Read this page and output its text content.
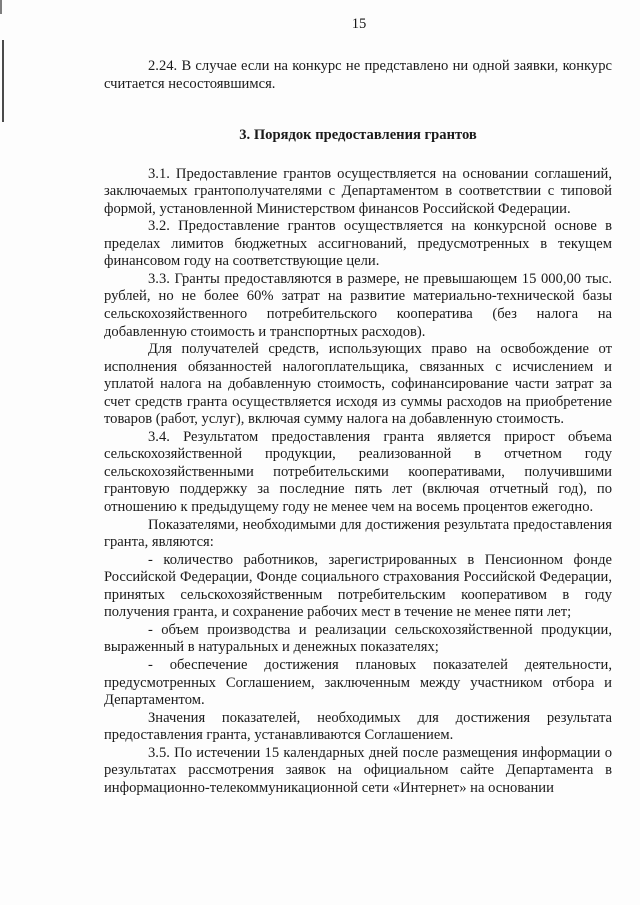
15

2.24. В случае если на конкурс не представлено ни одной заявки, конкурс считается несостоявшимся.

3. Порядок предоставления грантов

3.1. Предоставление грантов осуществляется на основании соглашений, заключаемых грантополучателями с Департаментом в соответствии с типовой формой, установленной Министерством финансов Российской Федерации.

3.2. Предоставление грантов осуществляется на конкурсной основе в пределах лимитов бюджетных ассигнований, предусмотренных в текущем финансовом году на соответствующие цели.

3.3. Гранты предоставляются в размере, не превышающем 15 000,00 тыс. рублей, но не более 60% затрат на развитие материально-технической базы сельскохозяйственного потребительского кооператива (без налога на добавленную стоимость и транспортных расходов).

Для получателей средств, использующих право на освобождение от исполнения обязанностей налогоплательщика, связанных с исчислением и уплатой налога на добавленную стоимость, софинансирование части затрат за счет средств гранта осуществляется исходя из суммы расходов на приобретение товаров (работ, услуг), включая сумму налога на добавленную стоимость.

3.4. Результатом предоставления гранта является прирост объема сельскохозяйственной продукции, реализованной в отчетном году сельскохозяйственными потребительскими кооперативами, получившими грантовую поддержку за последние пять лет (включая отчетный год), по отношению к предыдущему году не менее чем на восемь процентов ежегодно.

Показателями, необходимыми для достижения результата предоставления гранта, являются:

- количество работников, зарегистрированных в Пенсионном фонде Российской Федерации, Фонде социального страхования Российской Федерации, принятых сельскохозяйственным потребительским кооперативом в году получения гранта, и сохранение рабочих мест в течение не менее пяти лет;

- объем производства и реализации сельскохозяйственной продукции, выраженный в натуральных и денежных показателях;

- обеспечение достижения плановых показателей деятельности, предусмотренных Соглашением, заключенным между участником отбора и Департаментом.

Значения показателей, необходимых для достижения результата предоставления гранта, устанавливаются Соглашением.

3.5. По истечении 15 календарных дней после размещения информации о результатах рассмотрения заявок на официальном сайте Департамента в информационно-телекоммуникационной сети «Интернет» на основании
